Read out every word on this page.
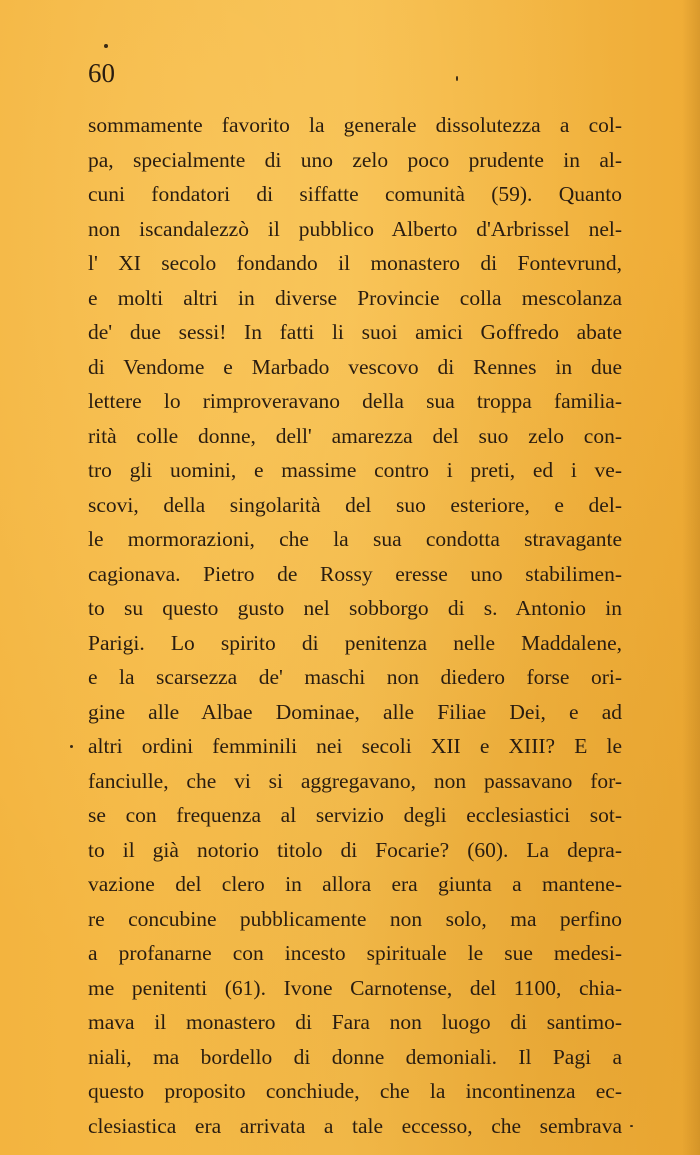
60
sommamente favorito la generale dissolutezza a col-
pa, specialmente di uno zelo poco prudente in al-
cuni fondatori di siffatte comunità (59). Quanto
non iscandalezzò il pubblico Alberto d'Arbrissel nel-
l' XI secolo fondando il monastero di Fontevrund,
e molti altri in diverse Provincie colla mescolanza
de' due sessi! In fatti li suoi amici Goffredo abate
di Vendome e Marbado vescovo di Rennes in due
lettere lo rimproveravano della sua troppa familia-
rità colle donne, dell' amarezza del suo zelo con-
tro gli uomini, e massime contro i preti, ed i ve-
scovi, della singolarità del suo esteriore, e del-
le mormorazioni, che la sua condotta stravagante
cagionava. Pietro de Rossy eresse uno stabilimen-
to su questo gusto nel sobborgo di s. Antonio in
Parigi. Lo spirito di penitenza nelle Maddalene,
e la scarsezza de' maschi non diedero forse ori-
gine alle Albae Dominae, alle Filiae Dei, e ad
altri ordini femminili nei secoli XII e XIII? E le
fanciulle, che vi si aggregavano, non passavano for-
se con frequenza al servizio degli ecclesiastici sot-
to il già notorio titolo di Focarie? (60). La depra-
vazione del clero in allora era giunta a mantene-
re concubine pubblicamente non solo, ma perfino
a profanarne con incesto spirituale le sue medesi-
me penitenti (61). Ivone Carnotense, del 1100, chia-
mava il monastero di Fara non luogo di santimo-
niali, ma bordello di donne demoniali. Il Pagi a
questo proposito conchiude, che la incontinenza ec-
clesiastica era arrivata a tale eccesso, che sembrava
